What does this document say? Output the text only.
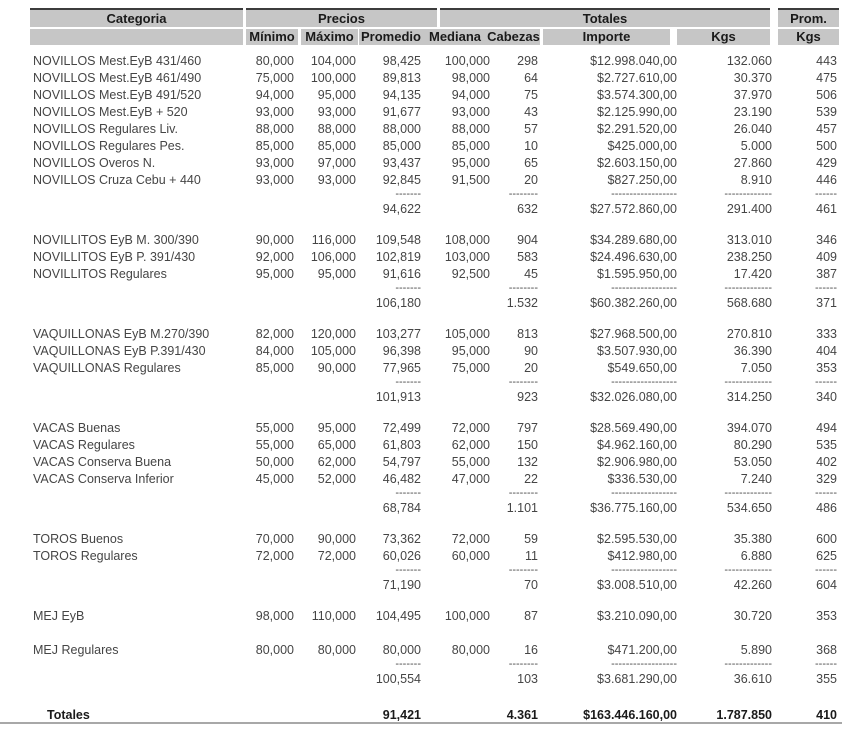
Categoria	Precios	Totales	Prom.
Mínimo Máximo Promedio Mediana Cabezas	Importe	Kgs	Kgs
NOVILLOS Mest.EyB 431/460	80,000	104,000	98,425	100,000	298	$12.998.040,00	132.060	443
NOVILLOS Mest.EyB 461/490	75,000	100,000	89,813	98,000	64	$2.727.610,00	30.370	475
NOVILLOS Mest.EyB 491/520	94,000	95,000	94,135	94,000	75	$3.574.300,00	37.970	506
NOVILLOS Mest.EyB + 520	93,000	93,000	91,677	93,000	43	$2.125.990,00	23.190	539
NOVILLOS Regulares Liv.	88,000	88,000	88,000	88,000	57	$2.291.520,00	26.040	457
NOVILLOS Regulares Pes.	85,000	85,000	85,000	85,000	10	$425.000,00	5.000	500
NOVILLOS Overos N.	93,000	97,000	93,437	95,000	65	$2.603.150,00	27.860	429
NOVILLOS Cruza Cebu + 440	93,000	93,000	92,845	91,500	20	$827.250,00	8.910	446
			-------		--------	------------------	-------------	------
			94,622		632	$27.572.860,00	291.400	461

NOVILLITOS EyB M. 300/390	90,000	116,000	109,548	108,000	904	$34.289.680,00	313.010	346
NOVILLITOS EyB P. 391/430	92,000	106,000	102,819	103,000	583	$24.496.630,00	238.250	409
NOVILLITOS Regulares	95,000	95,000	91,616	92,500	45	$1.595.950,00	17.420	387
			-------		--------	------------------	-------------	------
			106,180		1.532	$60.382.260,00	568.680	371

VAQUILLONAS EyB M.270/390	82,000	120,000	103,277	105,000	813	$27.968.500,00	270.810	333
VAQUILLONAS EyB P.391/430	84,000	105,000	96,398	95,000	90	$3.507.930,00	36.390	404
VAQUILLONAS Regulares	85,000	90,000	77,965	75,000	20	$549.650,00	7.050	353
			-------		--------	------------------	-------------	------
			101,913		923	$32.026.080,00	314.250	340

VACAS Buenas	55,000	95,000	72,499	72,000	797	$28.569.490,00	394.070	494
VACAS Regulares	55,000	65,000	61,803	62,000	150	$4.962.160,00	80.290	535
VACAS Conserva Buena	50,000	62,000	54,797	55,000	132	$2.906.980,00	53.050	402
VACAS Conserva Inferior	45,000	52,000	46,482	47,000	22	$336.530,00	7.240	329
			-------		--------	------------------	-------------	------
			68,784		1.101	$36.775.160,00	534.650	486

TOROS Buenos	70,000	90,000	73,362	72,000	59	$2.595.530,00	35.380	600
TOROS Regulares	72,000	72,000	60,026	60,000	11	$412.980,00	6.880	625
			-------		--------	------------------	-------------	------
			71,190		70	$3.008.510,00	42.260	604

MEJ EyB	98,000	110,000	104,495	100,000	87	$3.210.090,00	30.720	353

MEJ Regulares	80,000	80,000	80,000	80,000	16	$471.200,00	5.890	368
			-------		--------	------------------	-------------	------
			100,554		103	$3.681.290,00	36.610	355

Totales			91,421		4.361	$163.446.160,00	1.787.850	410
